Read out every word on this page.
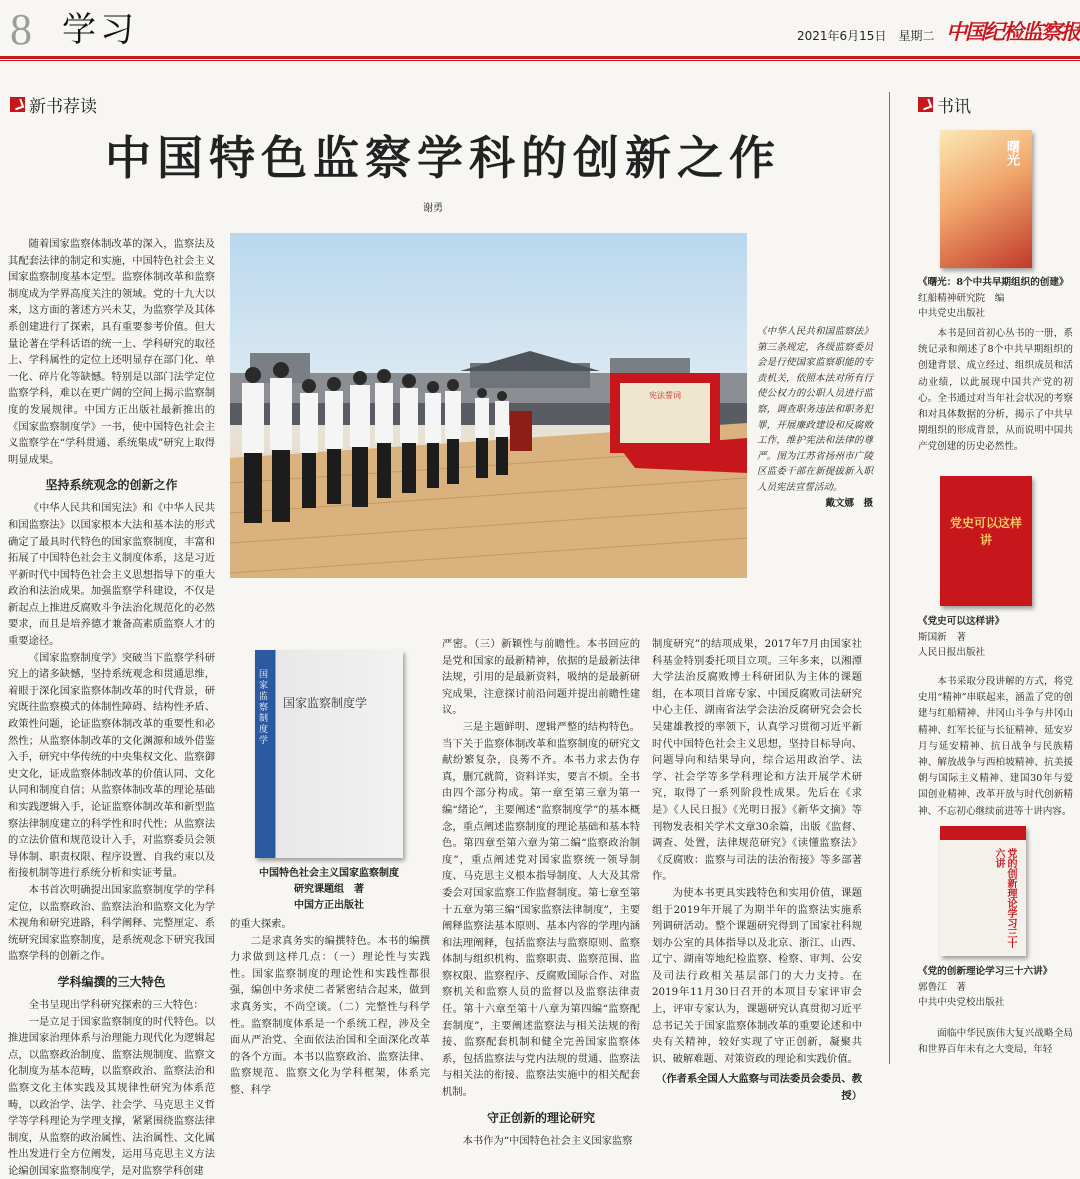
8 学习	2021年6月15日　星期二 中国纪检监察报
新书荐读	书讯
中国特色监察学科的创新之作
谢勇

随着国家监察体制改革的深入，监察法及其配套法律的制定和实施，中国特色社会主义国家监察制度基本定型。监察体制改革和监察制度成为学界高度关注的领域。党的十九大以来，这方面的著述方兴未艾，为监察学及其体系创建进行了探索，具有重要参考价值。但大量论著在学科话语的统一上、学科研究的取径上、学科属性的定位上还明显存在部门化、单一化、碎片化等缺憾。特别是以部门法学定位监察学科，难以在更广阔的空间上揭示监察制度的发展规律。中国方正出版社最新推出的《国家监察制度学》一书，使中国特色社会主义监察学在“学科贯通、系统集成”研究上取得明显成果。

坚持系统观念的创新之作

《中华人民共和国宪法》和《中华人民共和国监察法》以国家根本大法和基本法的形式确定了最具时代特色的国家监察制度，丰富和拓展了中国特色社会主义制度体系，这是习近平新时代中国特色社会主义思想指导下的重大政治和法治成果。加强监察学科建设，不仅是新起点上推进反腐败斗争法治化规范化的必然要求，而且是培养德才兼备高素质监察人才的重要途径。

《国家监察制度学》突破当下监察学科研究上的诸多缺憾，坚持系统观念和贯通思维，着眼于深化国家监察体制改革的时代背景，研究既往监察模式的体制性障碍、结构性矛盾、政策性问题，论证监察体制改革的重要性和必然性；从监察体制改革的文化渊源和域外借鉴入手，研究中华传统的中央集权文化、监察御史文化，证成监察体制改革的价值认同、文化认同和制度自信；从监察体制改革的理论基础和实践逻辑入手，论证监察体制改革和新型监察法律制度建立的科学性和时代性；从监察法的立法价值和规范设计入手，对监察委员会领导体制、职责权限、程序设置、自我约束以及衔接机制等进行系统分析和实证考量。

本书首次明确提出国家监察制度学的学科定位，以监察政治、监察法治和监察文化为学术视角和研究进路，科学阐释、完整厘定、系统研究国家监察制度，是系统观念下研究我国监察学科的创新之作。

学科编撰的三大特色

全书呈现出学科研究探索的三大特色：

一是立足于国家监察制度的时代特色。以推进国家治理体系与治理能力现代化为逻辑起点，以监察政治制度、监察法规制度、监察文化制度为基本范畴，以监察政治、监察法治和监察文化主体实践及其规律性研究为体系范畴，以政治学、法学、社会学、马克思主义哲学等学科理论为学理支撑，紧紧围绕监察法律制度，从监察的政治属性、法治属性、文化属性出发进行全方位阐发，运用马克思主义方法论编创国家监察制度学，是对监察学科创建

宪法誓词
《中华人民共和国监察法》第三条规定，各级监察委员会是行使国家监察职能的专责机关，依照本法对所有行使公权力的公职人员进行监察，调查职务违法和职务犯罪，开展廉政建设和反腐败工作，维护宪法和法律的尊严。图为江苏省扬州市广陵区监委干部在新提拔新入职人员宪法宣誓活动。
戴文娜　摄
国家监察制度学
国家监察制度学
中国特色社会主义国家监察制度研究课题组　著
中国方正出版社
的重大探索。

二是求真务实的编撰特色。本书的编撰力求做到这样几点：（一）理论性与实践性。国家监察制度的理论性和实践性都很强，编创中务求使二者紧密结合起来，做到求真务实，不尚空谈。（二）完整性与科学性。监察制度体系是一个系统工程，涉及全面从严治党、全面依法治国和全面深化改革的各个方面。本书以监察政治、监察法律、监察规范、监察文化为学科框架，体系完整、科学

严密。（三）新颖性与前瞻性。本书回应的是党和国家的最新精神，依据的是最新法律法规，引用的是最新资料，吸纳的是最新研究成果，注意探讨前沿问题并提出前瞻性建议。

三是主题鲜明、逻辑严整的结构特色。当下关于监察体制改革和监察制度的研究文献纷繁复杂，良莠不齐。本书力求去伪存真，删冗就简，资料详实，要言不烦。全书由四个部分构成。第一章至第三章为第一编“绪论”，主要阐述“监察制度学”的基本概念，重点阐述监察制度的理论基础和基本特色。第四章至第六章为第二编“监察政治制度”，重点阐述党对国家监察统一领导制度、马克思主义根本指导制度、人大及其常委会对国家监察工作监督制度。第七章至第十五章为第三编“国家监察法律制度”，主要阐释监察法基本原则、基本内容的学理内涵和法理阐释，包括监察法与监察原则、监察体制与组织机构、监察职责、监察范围、监察权限、监察程序、反腐败国际合作、对监察机关和监察人员的监督以及监察法律责任。第十六章至第十八章为第四编“监察配套制度”，主要阐述监察法与相关法规的衔接、监察配套机制和健全完善国家监察体系，包括监察法与党内法规的贯通、监察法与相关法的衔接、监察法实施中的相关配套机制。

守正创新的理论研究

本书作为“中国特色社会主义国家监察

制度研究”的结项成果，2017年7月由国家社科基金特别委托项目立项。三年多来，以湘潭大学法治反腐败博士科研团队为主体的课题组，在本项目首席专家、中国反腐败司法研究中心主任、湖南省法学会法治反腐研究会会长吴建雄教授的率领下，认真学习贯彻习近平新时代中国特色社会主义思想，坚持目标导向、问题导向和结果导向，综合运用政治学、法学、社会学等多学科理论和方法开展学术研究，取得了一系列阶段性成果。先后在《求是》《人民日报》《光明日报》《新华文摘》等刊物发表相关学术文章30余篇，出版《监督、调查、处置，法律规范研究》《读懂监察法》《反腐败：监察与司法的法治衔接》等多部著作。

为使本书更具实践特色和实用价值，课题组于2019年开展了为期半年的监察法实施系列调研活动。整个课题研究得到了国家社科规划办公室的具体指导以及北京、浙江、山西、辽宁、湖南等地纪检监察、检察、审判、公安及司法行政相关基层部门的大力支持。在2019年11月30日召开的本项目专家评审会上，评审专家认为，课题研究认真贯彻习近平总书记关于国家监察体制改革的重要论述和中央有关精神，较好实现了守正创新，凝聚共识、破解难题、对策资政的理论和实践价值。

（作者系全国人大监察与司法委员会委员、教授）
曙光
《曙光：8个中共早期组织的创建》
红船精神研究院　编
中共党史出版社

本书是回首初心丛书的一册，系统记录和阐述了8个中共早期组织的创建背景、成立经过、组织成员和活动业绩，以此展现中国共产党的初心。全书通过对当年社会状况的考察和对具体数据的分析，揭示了中共早期组织的形成背景，从而说明中国共产党创建的历史必然性。

党史可以这样讲
《党史可以这样讲》
斯国新　著
人民日报出版社

本书采取分段讲解的方式，将党史用“精神”串联起来，涵盖了党的创建与红船精神、井冈山斗争与井冈山精神、红军长征与长征精神、延安岁月与延安精神、抗日战争与民族精神、解放战争与西柏坡精神、抗美援朝与国际主义精神、建国30年与爱国创业精神、改革开放与时代创新精神、不忘初心继续前进等十讲内容。

党的创新理论学习三十六讲
《党的创新理论学习三十六讲》
郭鲁江　著
中共中央党校出版社

面临中华民族伟大复兴战略全局和世界百年未有之大变局，年轻
